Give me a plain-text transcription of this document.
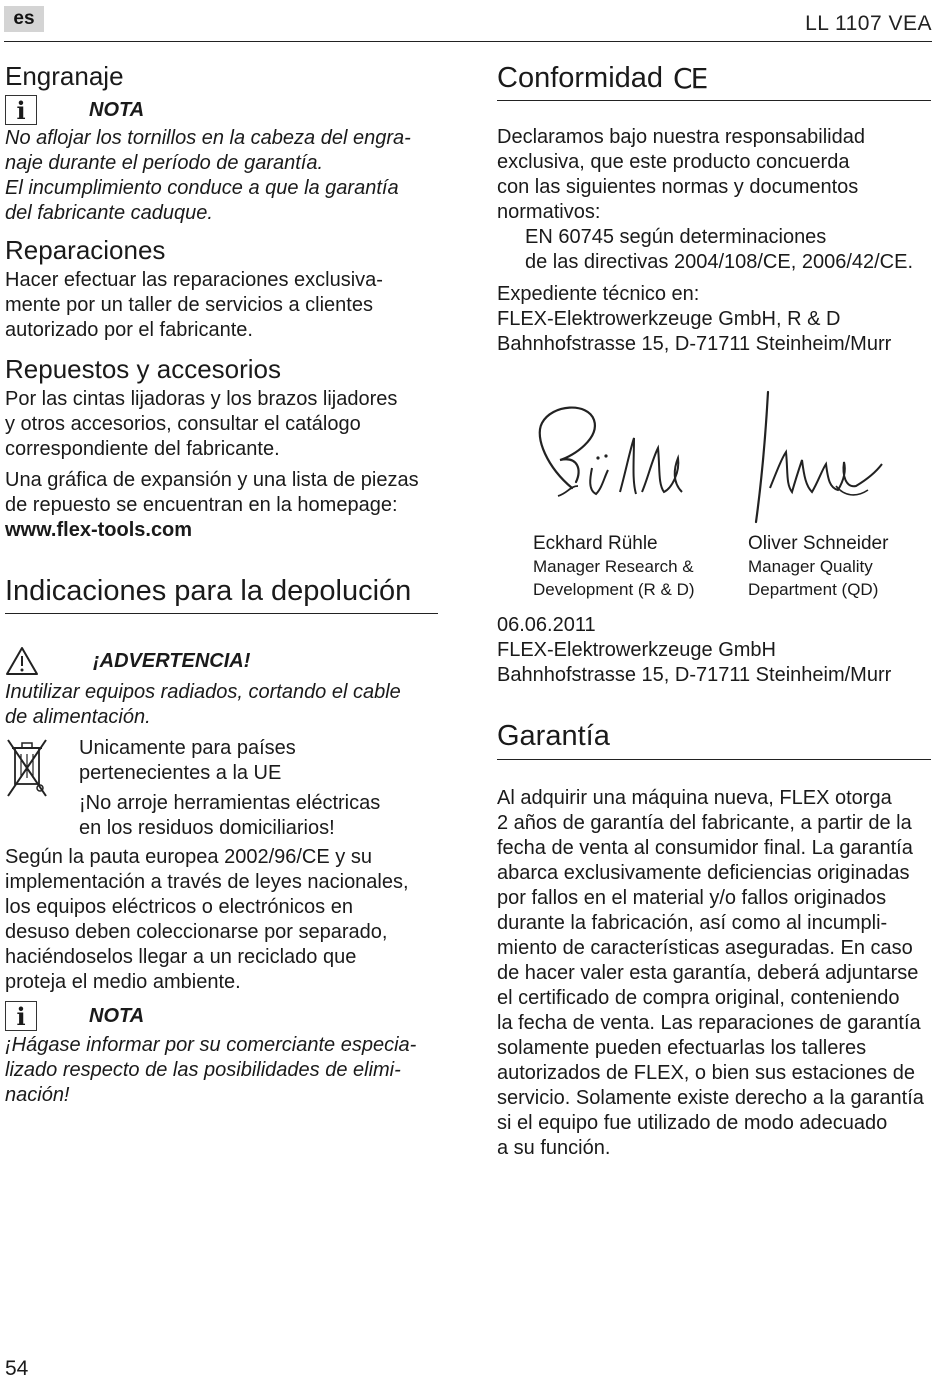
es	LL 1107 VEA
Engranaje
i	NOTA

No aflojar los tornillos en la cabeza del engra-

naje durante el período de garantía.

El incumplimiento conduce a que la garantía

del fabricante caduque.

Reparaciones

Hacer efectuar las reparaciones exclusiva-

mente por un taller de servicios a clientes

autorizado por el fabricante.

Repuestos y accesorios

Por las cintas lijadoras y los brazos lijadores

y otros accesorios, consultar el catálogo

correspondiente del fabricante.

Una gráfica de expansión y una lista de piezas

de repuesto se encuentran en la homepage:

www.flex-tools.com

Indicaciones para la depolución
¡ADVERTENCIA!

Inutilizar equipos radiados, cortando el cable

de alimentación.

Unicamente para países

pertenecientes a la UE

¡No arroje herramientas eléctricas

en los residuos domiciliarios!

Según la pauta europea 2002/96/CE y su

implementación a través de leyes nacionales,

los equipos eléctricos o electrónicos en

desuso deben coleccionarse por separado,

haciéndoselos llegar a un reciclado que

proteja el medio ambiente.

i	NOTA

¡Hágase informar por su comerciante especia-

lizado respecto de las posibilidades de elimi-

nación!

Conformidad CE

Declaramos bajo nuestra responsabilidad

exclusiva, que este producto concuerda

con las siguientes normas y documentos

normativos:

EN 60745 según determinaciones

de las directivas 2004/108/CE, 2006/42/CE.

Expediente técnico en:

FLEX-Elektrowerkzeuge GmbH, R & D

Bahnhofstrasse 15, D-71711 Steinheim/Murr

Eckhard Rühle

Manager Research &

Development (R & D)

Oliver Schneider

Manager Quality

Department (QD)

06.06.2011

FLEX-Elektrowerkzeuge GmbH

Bahnhofstrasse 15, D-71711 Steinheim/Murr

Garantía

Al adquirir una máquina nueva, FLEX otorga

2 años de garantía del fabricante, a partir de la

fecha de venta al consumidor final. La garantía

abarca exclusivamente deficiencias originadas

por fallos en el material y/o fallos originados

durante la fabricación, así como al incumpli-

miento de características aseguradas. En caso

de hacer valer esta garantía, deberá adjuntarse

el certificado de compra original, conteniendo

la fecha de venta. Las reparaciones de garantía

solamente pueden efectuarlas los talleres

autorizados de FLEX, o bien sus estaciones de

servicio. Solamente existe derecho a la garantía

si el equipo fue utilizado de modo adecuado

a su función.

54
